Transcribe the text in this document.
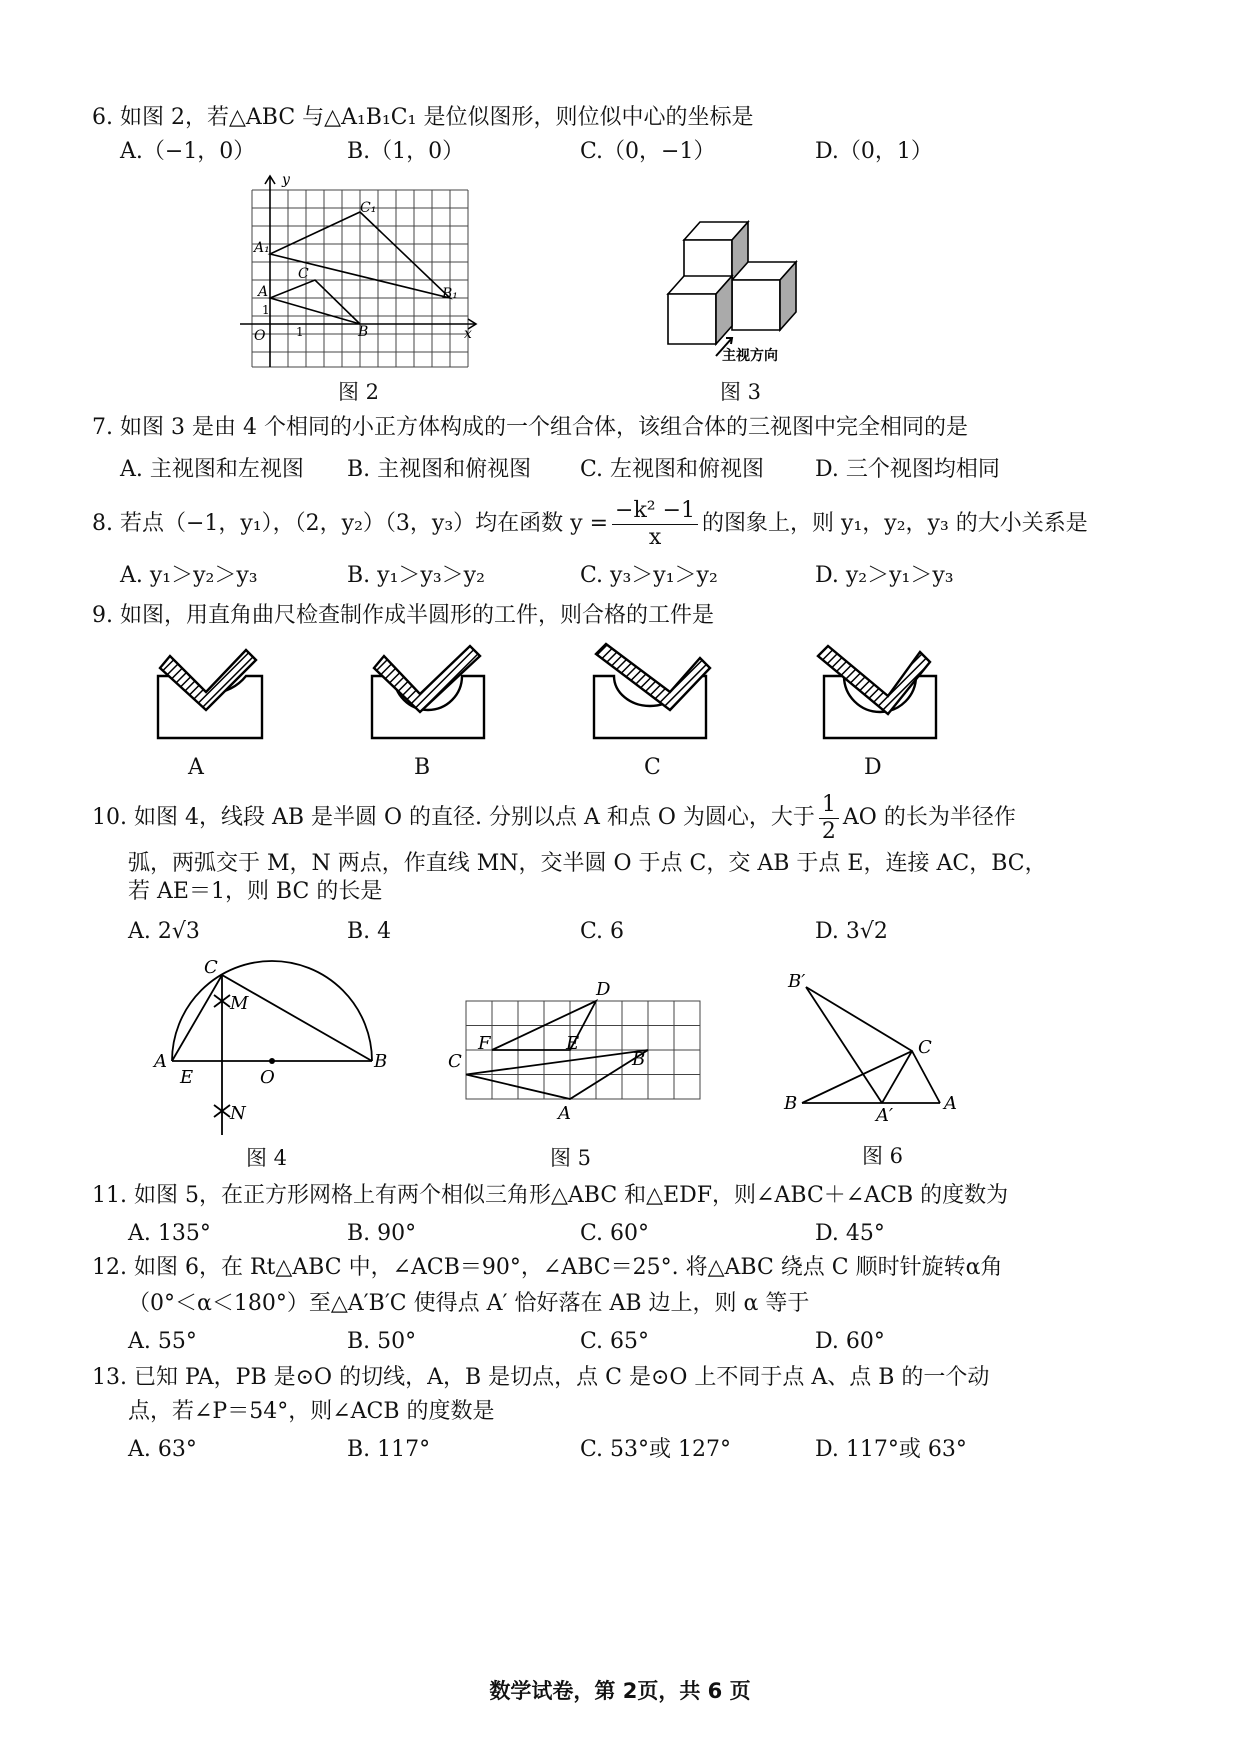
6. 如图 2，若△ABC 与△A₁B₁C₁ 是位似图形，则位似中心的坐标是
A.（−1，0）	B.（1，0）	C.（0，−1）	D.（0，1）
y
x
O	1
1
A
B
C
A₁
B₁
C₁
图 2
主视方向
图 3
7. 如图 3 是由 4 个相同的小正方体构成的一个组合体，该组合体的三视图中完全相同的是
A. 主视图和左视图 B. 主视图和俯视图 C. 左视图和俯视图 D. 三个视图均相同
8. 若点（−1，y₁），（2，y₂）（3，y₃）均在函数 $y = \frac{\text{−k² −1}}{x}$ 的图象上，则 y₁，y₂，y₃ 的大小关系是
A. y₁＞y₂＞y₃	B. y₁＞y₃＞y₂	C. y₃＞y₁＞y₂	D. y₂＞y₁＞y₃
9. 如图，用直角曲尺检查制作成半圆形的工件，则合格的工件是
A	B	C	D
10. 如图 4，线段 AB 是半圆 O 的直径. 分别以点 A 和点 O 为圆心，大于 $\frac{1}{2}$ AO 的长为半径作
弧，两弧交于 M，N 两点，作直线 MN，交半圆 O 于点 C，交 AB 于点 E，连接 AC，BC，
若 AE＝1，则 BC 的长是
A. 2√3	B. 4	C. 6	D. 3√2
C
M
A
E	O
B
N
图 4
D
F	E
C	B
A
图 5
B′
C
B
A′
A
图 6
11. 如图 5，在正方形网格上有两个相似三角形△ABC 和△EDF，则∠ABC＋∠ACB 的度数为
A. 135°	B. 90°	C. 60°	D. 45°
12. 如图 6，在 Rt△ABC 中，∠ACB＝90°，∠ABC＝25°. 将△ABC 绕点 C 顺时针旋转α角
（0°＜α＜180°）至△A′B′C 使得点 A′ 恰好落在 AB 边上，则 α 等于
A. 55°	B. 50°	C. 65°	D. 60°
13. 已知 PA，PB 是⊙O 的切线，A，B 是切点，点 C 是⊙O 上不同于点 A、点 B 的一个动
点，若∠P＝54°，则∠ACB 的度数是
A. 63°	B. 117°	C. 53°或 127°	D. 117°或 63°
数学试卷，第 2页，共 6 页
